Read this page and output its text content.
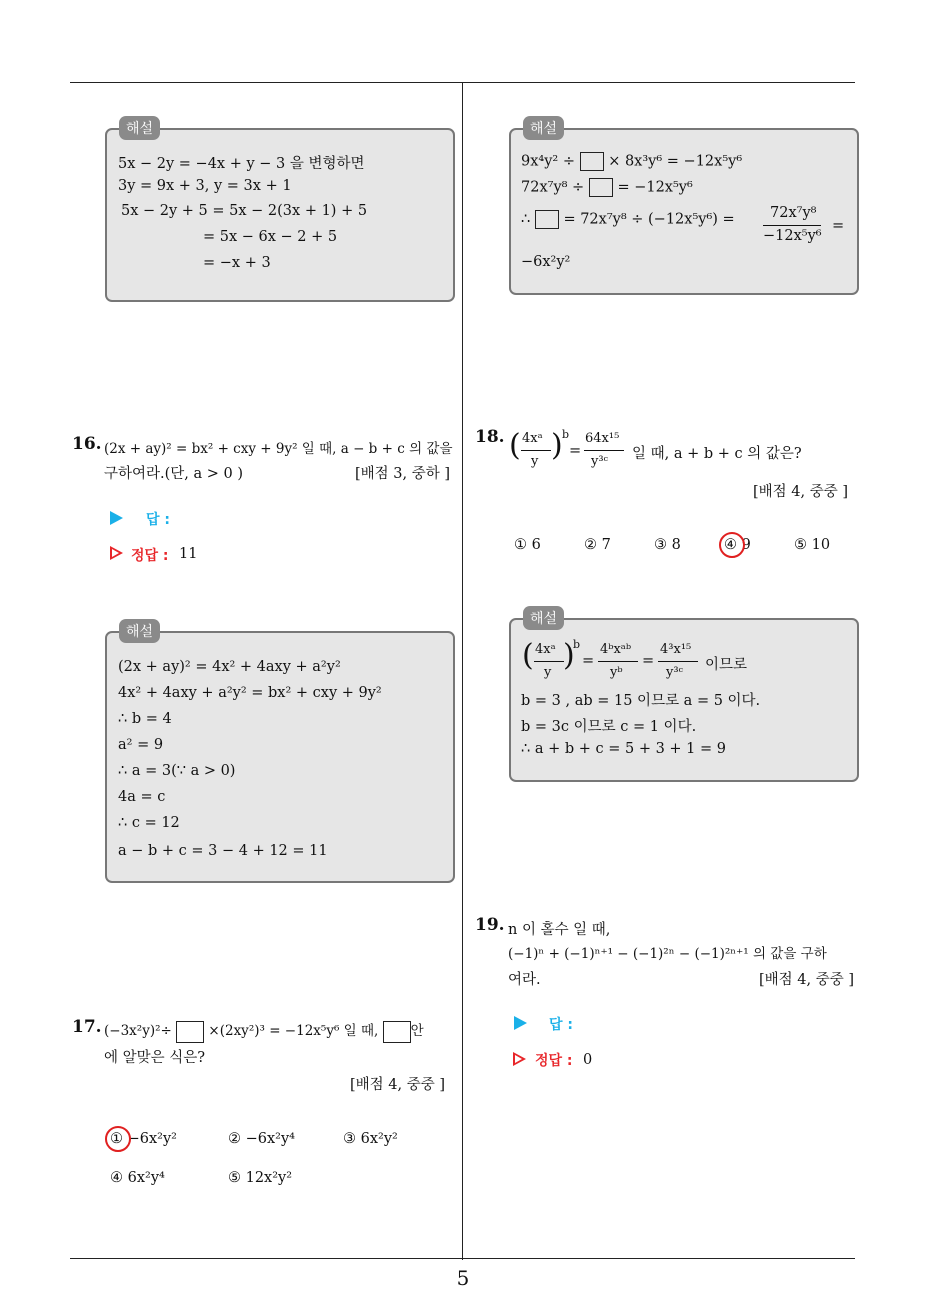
해설
5x − 2y = −4x + y − 3 을 변형하면
3y = 9x + 3, y = 3x + 1
5x − 2y + 5 = 5x − 2(3x + 1) + 5
= 5x − 6x − 2 + 5
= −x + 3
해설
9x⁴y² ÷ × 8x³y⁶ = −12x⁵y⁶
72x⁷y⁸ ÷ = −12x⁵y⁶
∴ = 72x⁷y⁸ ÷ (−12x⁵y⁶) = 72x⁷y⁸
−12x⁵y⁶
=
−6x²y²
16. (2x + ay)² = bx² + cxy + 9y² 일 때, a − b + c 의 값을
구하여라.(단, a > 0 )	[배점 3, 중하 ]
답 :
정답 : 11
해설
(2x + ay)² = 4x² + 4axy + a²y²
4x² + 4axy + a²y² = bx² + cxy + 9y²
∴ b = 4
a² = 9
∴ a = 3(∵ a > 0)
4a = c
∴ c = 12
a − b + c = 3 − 4 + 12 = 11
17. (−3x²y)²÷	×(2xy²)³ = −12x⁵y⁶ 일 때, 안
에 알맞은 식은?
[배점 4, 중중 ]
① −6x²y²	② −6x²y⁴	③ 6x²y²
④ 6x²y⁴	⑤ 12x²y²
18. ( 4xᵃ
y ) b
=
64x¹⁵
y³ᶜ 일 때, a + b + c 의 값은?
[배점 4, 중중 ]
① 6	② 7	③ 8	④ 9	⑤ 10
해설
( 4xᵃ
y )
b
=
4ᵇxᵃᵇ
yᵇ
=
4³x¹⁵
y³ᶜ 이므로
b = 3 , ab = 15 이므로 a = 5 이다.
b = 3c 이므로 c = 1 이다.
∴ a + b + c = 5 + 3 + 1 = 9
19. n 이 홀수 일 때,
(−1)ⁿ + (−1)ⁿ⁺¹ − (−1)²ⁿ − (−1)²ⁿ⁺¹ 의 값을 구하
여라.	[배점 4, 중중 ]
답 :
정답 : 0
5
